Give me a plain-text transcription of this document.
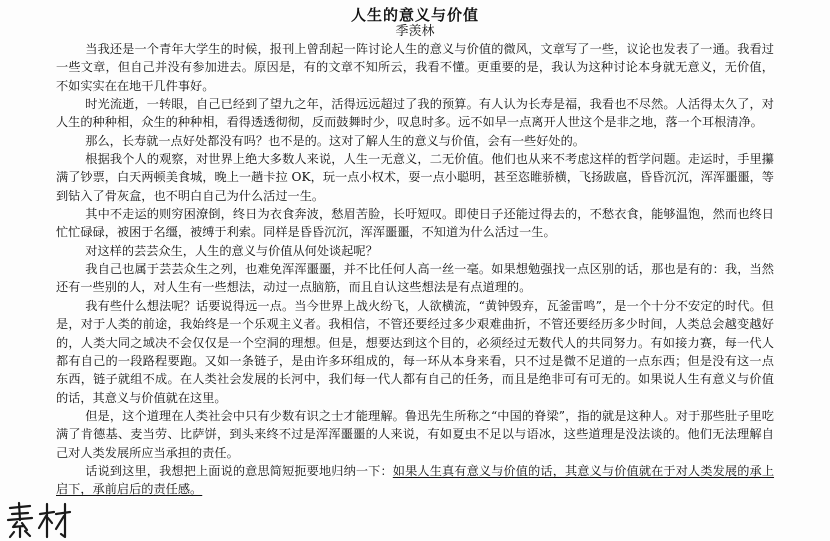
人生的意义与价值
季羡林

当我还是一个青年大学生的时候，报刊上曾刮起一阵讨论人生的意义与价值的微风，文章写了一些，议论也发表了一通。我看过一些文章，但自己并没有参加进去。原因是，有的文章不知所云，我看不懂。更重要的是，我认为这种讨论本身就无意义，无价值，不如实实在在地干几件事好。

时光流逝，一转眼，自己已经到了望九之年，活得远远超过了我的预算。有人认为长寿是福，我看也不尽然。人活得太久了，对人生的种种相，众生的种种相，看得透透彻彻，反而鼓舞时少，叹息时多。远不如早一点离开人世这个是非之地，落一个耳根清净。

那么，长寿就一点好处都没有吗？也不是的。这对了解人生的意义与价值，会有一些好处的。

根据我个人的观察，对世界上绝大多数人来说，人生一无意义，二无价值。他们也从来不考虑这样的哲学问题。走运时，手里攥满了钞票，白天两顿美食城，晚上一趟卡拉 OK，玩一点小权术，耍一点小聪明，甚至恣睢骄横，飞扬跋扈，昏昏沉沉，浑浑噩噩，等到钻入了骨灰盒，也不明白自己为什么活过一生。

其中不走运的则穷困潦倒，终日为衣食奔波，愁眉苦脸，长吁短叹。即使日子还能过得去的，不愁衣食，能够温饱，然而也终日忙忙碌碌，被困于名缰，被缚于利索。同样是昏昏沉沉，浑浑噩噩，不知道为什么活过一生。

对这样的芸芸众生，人生的意义与价值从何处谈起呢？

我自己也属于芸芸众生之列，也难免浑浑噩噩，并不比任何人高一丝一毫。如果想勉强找一点区别的话，那也是有的：我，当然还有一些别的人，对人生有一些想法，动过一点脑筋，而且自认这些想法是有点道理的。

我有些什么想法呢？话要说得远一点。当今世界上战火纷飞，人欲横流，“黄钟毁弃，瓦釜雷鸣”，是一个十分不安定的时代。但是，对于人类的前途，我始终是一个乐观主义者。我相信，不管还要经过多少艰难曲折，不管还要经历多少时间，人类总会越变越好的，人类大同之域决不会仅仅是一个空洞的理想。但是，想要达到这个目的，必须经过无数代人的共同努力。有如接力赛，每一代人都有自己的一段路程要跑。又如一条链子，是由许多环组成的，每一环从本身来看，只不过是微不足道的一点东西；但是没有这一点东西，链子就组不成。在人类社会发展的长河中，我们每一代人都有自己的任务，而且是绝非可有可无的。如果说人生有意义与价值的话，其意义与价值就在这里。

但是，这个道理在人类社会中只有少数有识之士才能理解。鲁迅先生所称之“中国的脊梁”，指的就是这种人。对于那些肚子里吃满了肯德基、麦当劳、比萨饼，到头来终不过是浑浑噩噩的人来说，有如夏虫不足以与语冰，这些道理是没法谈的。他们无法理解自己对人类发展所应当承担的责任。

话说到这里，我想把上面说的意思简短扼要地归纳一下：如果人生真有意义与价值的话，其意义与价值就在于对人类发展的承上启下，承前启后的责任感。
